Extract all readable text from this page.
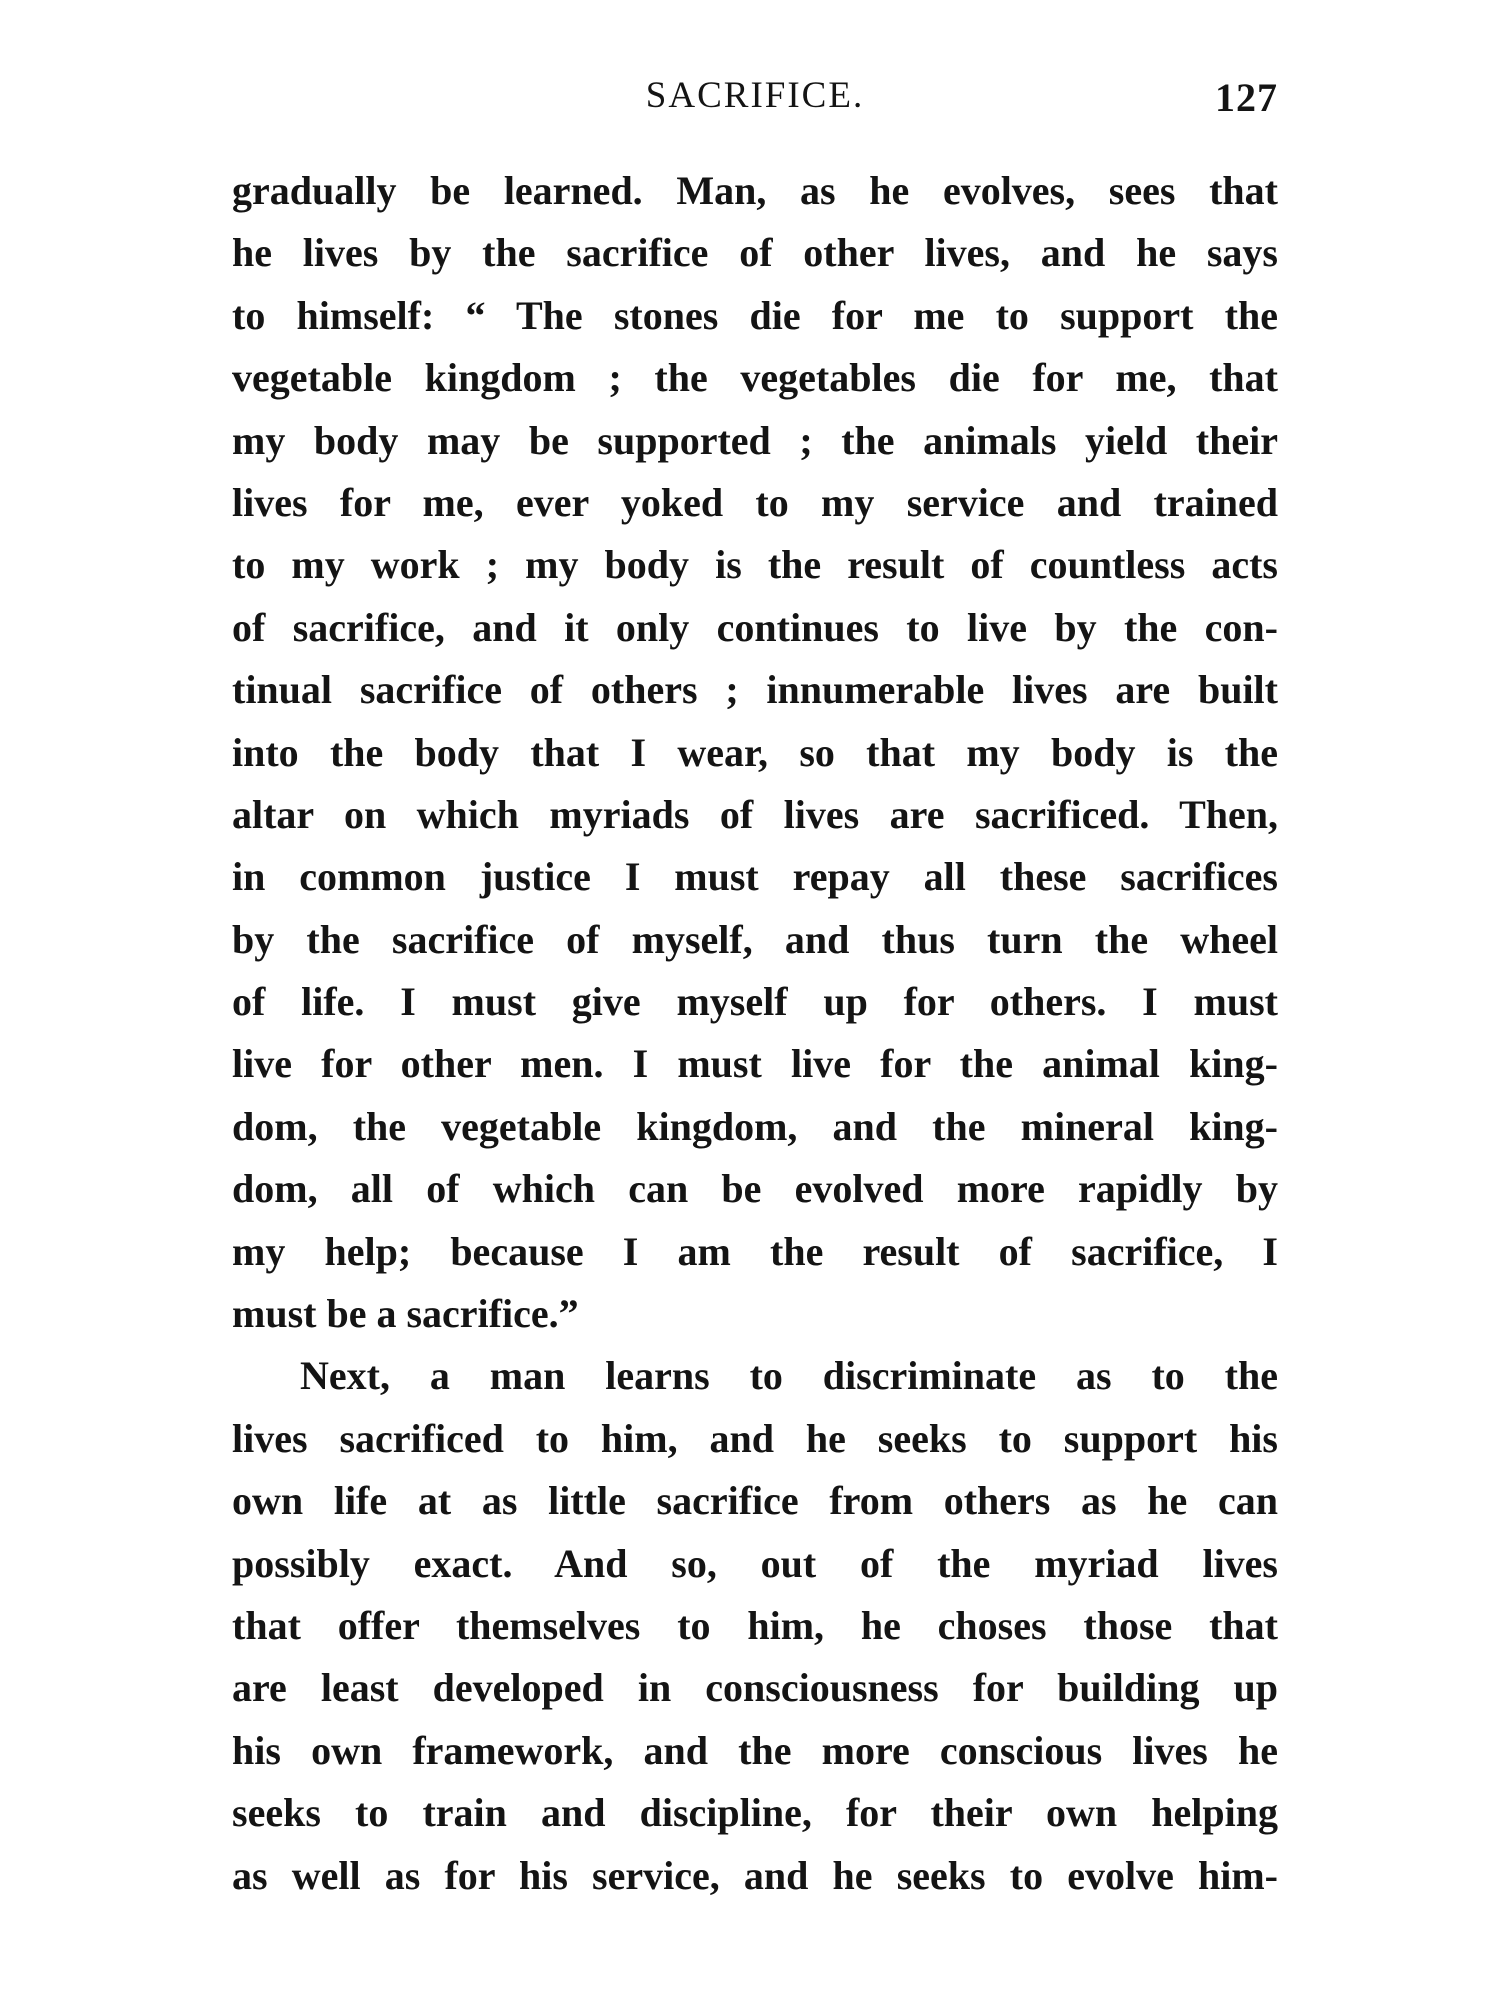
SACRIFICE.	127
gradually be learned. Man, as he evolves, sees that
he lives by the sacrifice of other lives, and he says
to himself: “ The stones die for me to support the
vegetable kingdom ; the vegetables die for me, that
my body may be supported ; the animals yield their
lives for me, ever yoked to my service and trained
to my work ; my body is the result of countless acts
of sacrifice, and it only continues to live by the con-
tinual sacrifice of others ; innumerable lives are built
into the body that I wear, so that my body is the
altar on which myriads of lives are sacrificed. Then,
in common justice I must repay all these sacrifices
by the sacrifice of myself, and thus turn the wheel
of life. I must give myself up for others. I must
live for other men. I must live for the animal king-
dom, the vegetable kingdom, and the mineral king-
dom, all of which can be evolved more rapidly by
my help; because I am the result of sacrifice, I
must be a sacrifice.”
Next, a man learns to discriminate as to the
lives sacrificed to him, and he seeks to support his
own life at as little sacrifice from others as he can
possibly exact. And so, out of the myriad lives
that offer themselves to him, he choses those that
are least developed in consciousness for building up
his own framework, and the more conscious lives he
seeks to train and discipline, for their own helping
as well as for his service, and he seeks to evolve him-
